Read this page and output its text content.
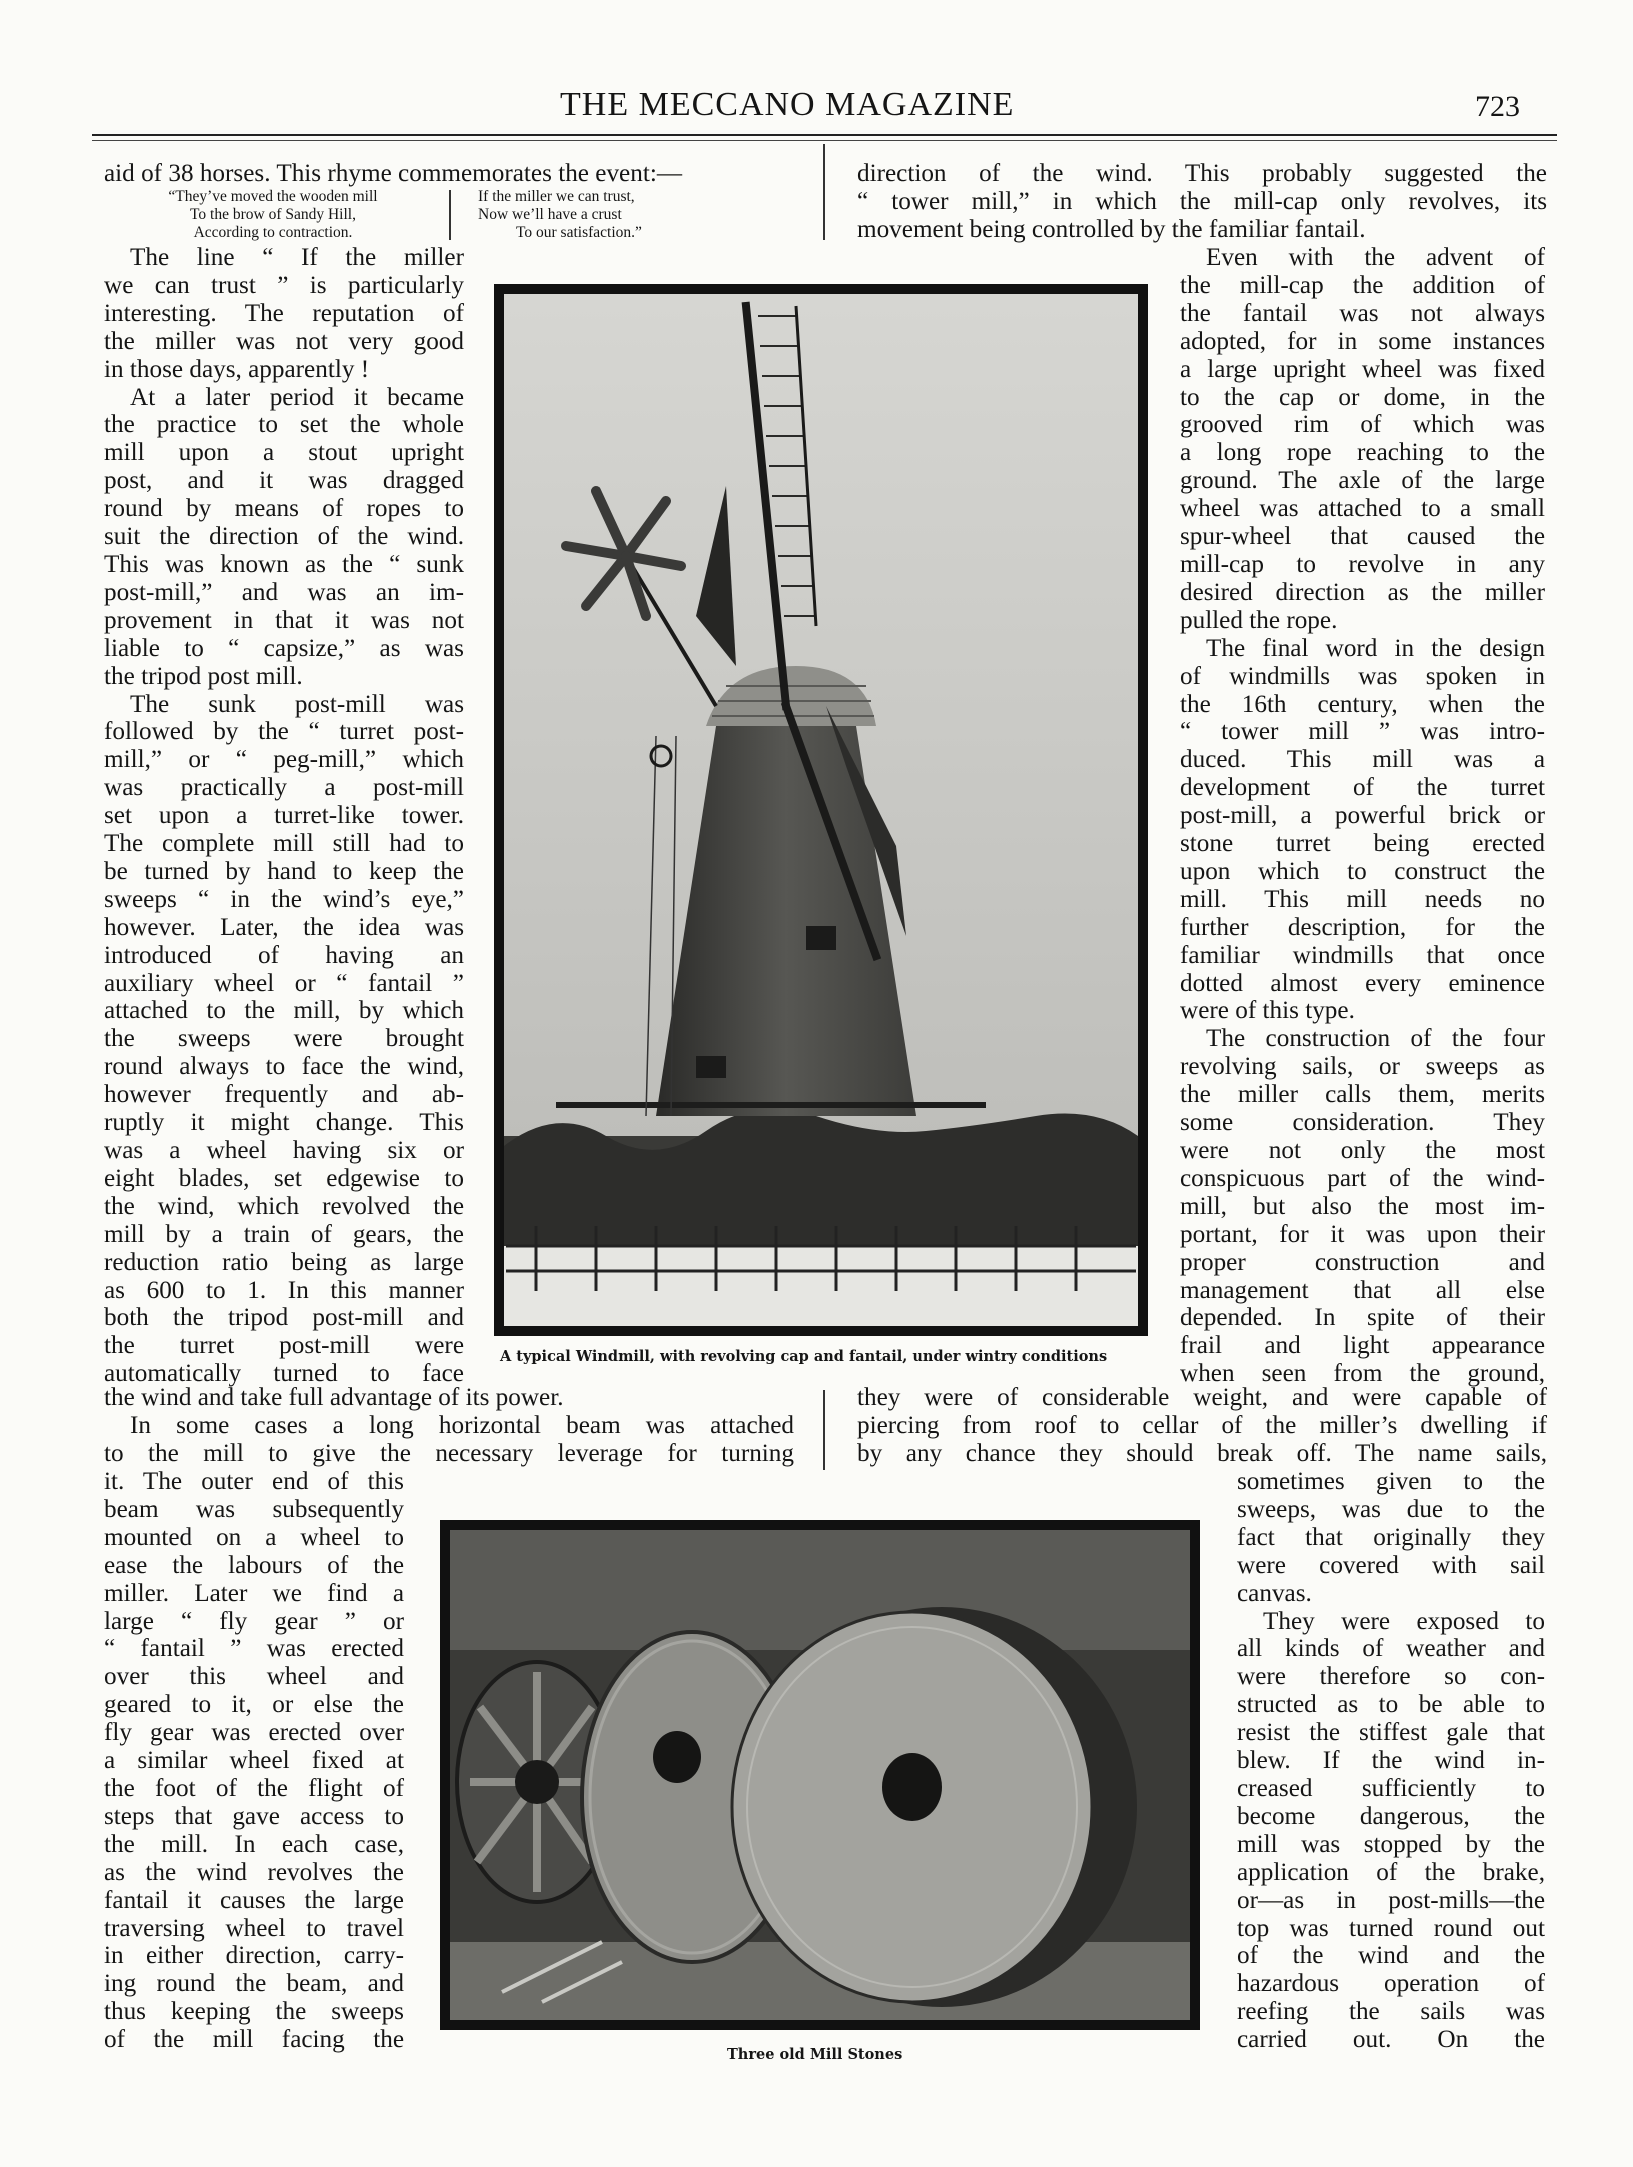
THE MECCANO MAGAZINE	723
aid of 38 horses. This rhyme commemorates the event:—
“They’ve moved the wooden mill
To the brow of Sandy Hill,
According to contraction.
If the miller we can trust,
Now we’ll have a crust
To our satisfaction.”

direction of the wind. This probably suggested the

“ tower mill,” in which the mill-cap only revolves, its

movement being controlled by the familiar fantail.

The line “ If the miller

we can trust ” is particularly

interesting. The reputation of

the miller was not very good

in those days, apparently !

At a later period it became

the practice to set the whole

mill upon a stout upright

post, and it was dragged

round by means of ropes to

suit the direction of the wind.

This was known as the “ sunk

post-mill,” and was an im-

provement in that it was not

liable to “ capsize,” as was

the tripod post mill.

The sunk post-mill was

followed by the “ turret post-

mill,” or “ peg-mill,” which

was practically a post-mill

set upon a turret-like tower.

The complete mill still had to

be turned by hand to keep the

sweeps “ in the wind’s eye,”

however. Later, the idea was

introduced of having an

auxiliary wheel or “ fantail ”

attached to the mill, by which

the sweeps were brought

round always to face the wind,

however frequently and ab-

ruptly it might change. This

was a wheel having six or

eight blades, set edgewise to

the wind, which revolved the

mill by a train of gears, the

reduction ratio being as large

as 600 to 1. In this manner

both the tripod post-mill and

the turret post-mill were

automatically turned to face

Even with the advent of

the mill-cap the addition of

the fantail was not always

adopted, for in some instances

a large upright wheel was fixed

to the cap or dome, in the

grooved rim of which was

a long rope reaching to the

ground. The axle of the large

wheel was attached to a small

spur-wheel that caused the

mill-cap to revolve in any

desired direction as the miller

pulled the rope.

The final word in the design

of windmills was spoken in

the 16th century, when the

“ tower mill ” was intro-

duced. This mill was a

development of the turret

post-mill, a powerful brick or

stone turret being erected

upon which to construct the

mill. This mill needs no

further description, for the

familiar windmills that once

dotted almost every eminence

were of this type.

The construction of the four

revolving sails, or sweeps as

the miller calls them, merits

some consideration. They

were not only the most

conspicuous part of the wind-

mill, but also the most im-

portant, for it was upon their

proper construction and

management that all else

depended. In spite of their

frail and light appearance

when seen from the ground,

A typical Windmill, with revolving cap and fantail, under wintry conditions

the wind and take full advantage of its power.

In some cases a long horizontal beam was attached

to the mill to give the necessary leverage for turning

they were of considerable weight, and were capable of

piercing from roof to cellar of the miller’s dwelling if

by any chance they should break off. The name sails,

it. The outer end of this

beam was subsequently

mounted on a wheel to

ease the labours of the

miller. Later we find a

large “ fly gear ” or

“ fantail ” was erected

over this wheel and

geared to it, or else the

fly gear was erected over

a similar wheel fixed at

the foot of the flight of

steps that gave access to

the mill. In each case,

as the wind revolves the

fantail it causes the large

traversing wheel to travel

in either direction, carry-

ing round the beam, and

thus keeping the sweeps

of the mill facing the

sometimes given to the

sweeps, was due to the

fact that originally they

were covered with sail

canvas.

They were exposed to

all kinds of weather and

were therefore so con-

structed as to be able to

resist the stiffest gale that

blew. If the wind in-

creased sufficiently to

become dangerous, the

mill was stopped by the

application of the brake,

or—as in post-mills—the

top was turned round out

of the wind and the

hazardous operation of

reefing the sails was

carried out. On the

Three old Mill Stones
